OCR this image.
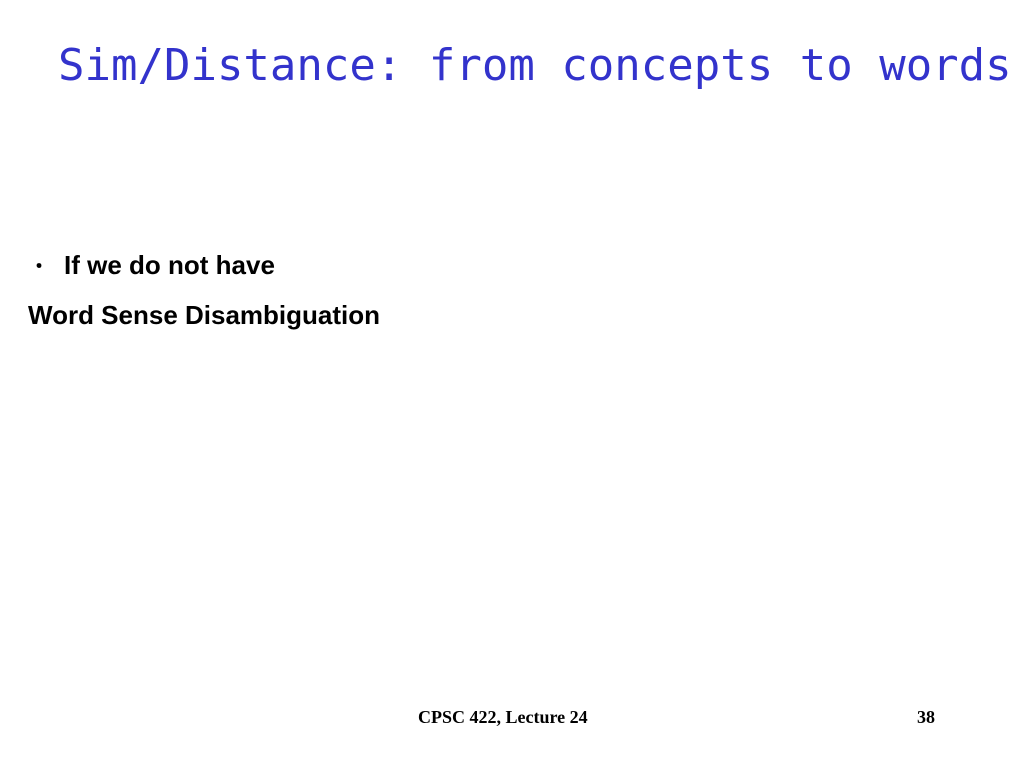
Sim/Distance: from concepts to words
・ If we do not have
Word Sense Disambiguation
CPSC 422, Lecture 24	38
